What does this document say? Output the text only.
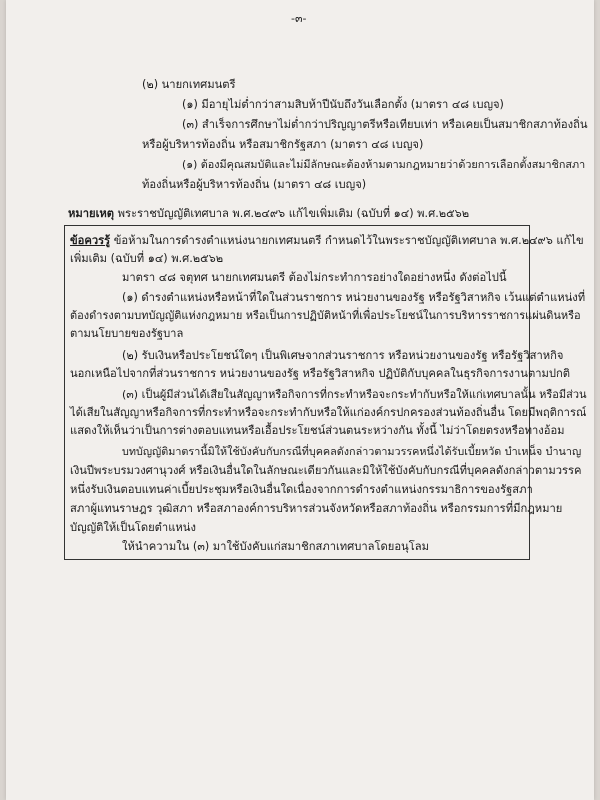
-๓-
(๒) นายกเทศมนตรี
(๑) มีอายุไม่ต่ำกว่าสามสิบห้าปีนับถึงวันเลือกตั้ง (มาตรา ๔๘ เบญจ)
(๓) สำเร็จการศึกษาไม่ต่ำกว่าปริญญาตรีหรือเทียบเท่า หรือเคยเป็นสมาชิกสภาท้องถิ่น
หรือผู้บริหารท้องถิ่น หรือสมาชิกรัฐสภา (มาตรา ๔๘ เบญจ)
(๑) ต้องมีคุณสมบัติและไม่มีลักษณะต้องห้ามตามกฎหมายว่าด้วยการเลือกตั้งสมาชิกสภา
ท้องถิ่นหรือผู้บริหารท้องถิ่น (มาตรา ๔๘ เบญจ)
หมายเหตุ พระราชบัญญัติเทศบาล พ.ศ.๒๔๙๖ แก้ไขเพิ่มเติม (ฉบับที่ ๑๔) พ.ศ.๒๕๖๒
ข้อควรรู้ ข้อห้ามในการดำรงตำแหน่งนายกเทศมนตรี กำหนดไว้ในพระราชบัญญัติเทศบาล พ.ศ.๒๔๙๖ แก้ไข
เพิ่มเติม (ฉบับที่ ๑๔) พ.ศ.๒๕๖๒
มาตรา ๔๘ จตุทศ นายกเทศมนตรี ต้องไม่กระทำการอย่างใดอย่างหนึ่ง ดังต่อไปนี้
(๑) ดำรงตำแหน่งหรือหน้าที่ใดในส่วนราชการ หน่วยงานของรัฐ หรือรัฐวิสาหกิจ เว้นแต่ตำแหน่งที่
ต้องดำรงตามบทบัญญัติแห่งกฎหมาย หรือเป็นการปฏิบัติหน้าที่เพื่อประโยชน์ในการบริหารราชการแผ่นดินหรือ
ตามนโยบายของรัฐบาล
(๒) รับเงินหรือประโยชน์ใดๆ เป็นพิเศษจากส่วนราชการ หรือหน่วยงานของรัฐ หรือรัฐวิสาหกิจ
นอกเหนือไปจากที่ส่วนราชการ หน่วยงานของรัฐ หรือรัฐวิสาหกิจ ปฏิบัติกับบุคคลในธุรกิจการงานตามปกติ
(๓) เป็นผู้มีส่วนได้เสียในสัญญาหรือกิจการที่กระทำหรือจะกระทำกับหรือให้แก่เทศบาลนั้น หรือมีส่วน
ได้เสียในสัญญาหรือกิจการที่กระทำหรือจะกระทำกับหรือให้แก่องค์กรปกครองส่วนท้องถิ่นอื่น โดยมีพฤติการณ์
แสดงให้เห็นว่าเป็นการต่างตอบแทนหรือเอื้อประโยชน์ส่วนตนระหว่างกัน ทั้งนี้ ไม่ว่าโดยตรงหรือทางอ้อม
บทบัญญัติมาตรานี้มิให้ใช้บังคับกับกรณีที่บุคคลดังกล่าวตามวรรคหนึ่งได้รับเบี้ยหวัด บำเหน็จ บำนาญ
เงินปีพระบรมวงศานุวงศ์ หรือเงินอื่นใดในลักษณะเดียวกันและมิให้ใช้บังคับกับกรณีที่บุคคลดังกล่าวตามวรรค
หนึ่งรับเงินตอบแทนค่าเบี้ยประชุมหรือเงินอื่นใดเนื่องจากการดำรงตำแหน่งกรรมาธิการของรัฐสภา
สภาผู้แทนราษฎร วุฒิสภา หรือสภาองค์การบริหารส่วนจังหวัดหรือสภาท้องถิ่น หรือกรรมการที่มีกฎหมาย
บัญญัติให้เป็นโดยตำแหน่ง
ให้นำความใน (๓) มาใช้บังคับแก่สมาชิกสภาเทศบาลโดยอนุโลม
